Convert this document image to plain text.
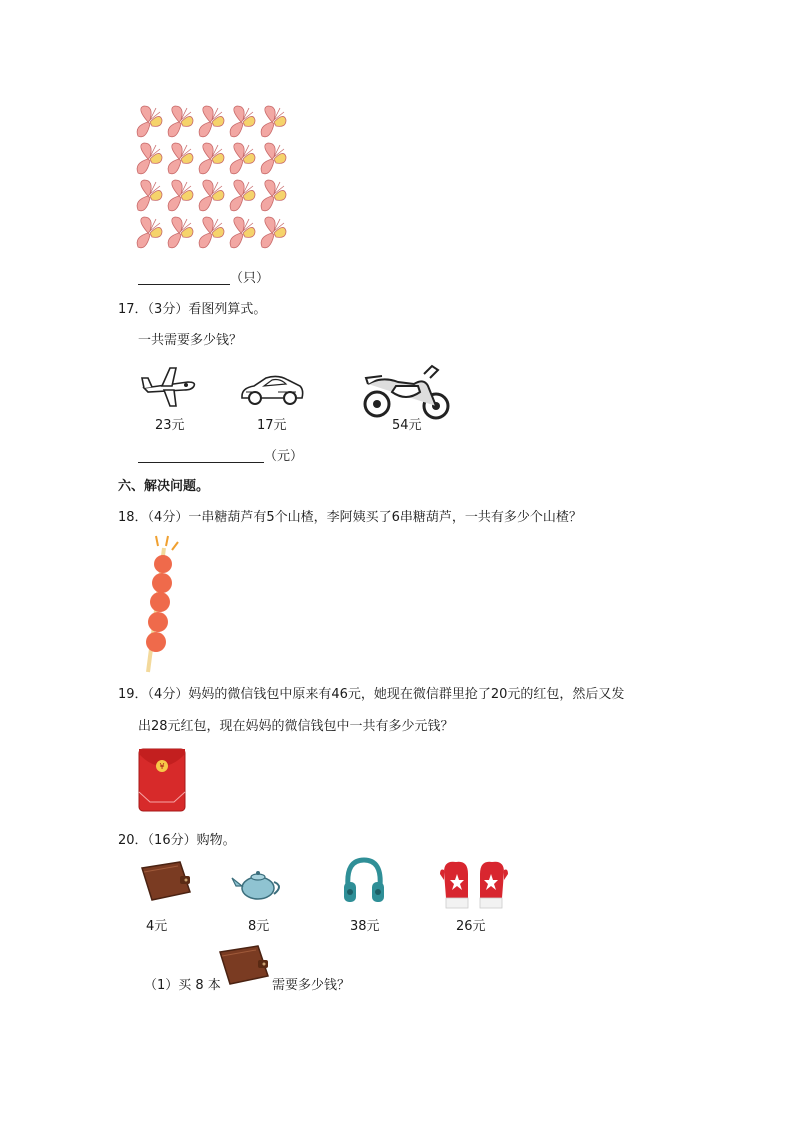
（只）
17．（3分）看图列算式。
一共需要多少钱？
23元	17元	54元
（元）
六、解决问题。
18．（4分）一串糖葫芦有5个山楂，李阿姨买了6串糖葫芦，一共有多少个山楂？
19．（4分）妈妈的微信钱包中原来有46元，她现在微信群里抢了20元的红包，然后又发
出28元红包，现在妈妈的微信钱包中一共有多少元钱？
¥
20．（16分）购物。
4元	8元	38元	26元
（1）买 8 本	需要多少钱？
